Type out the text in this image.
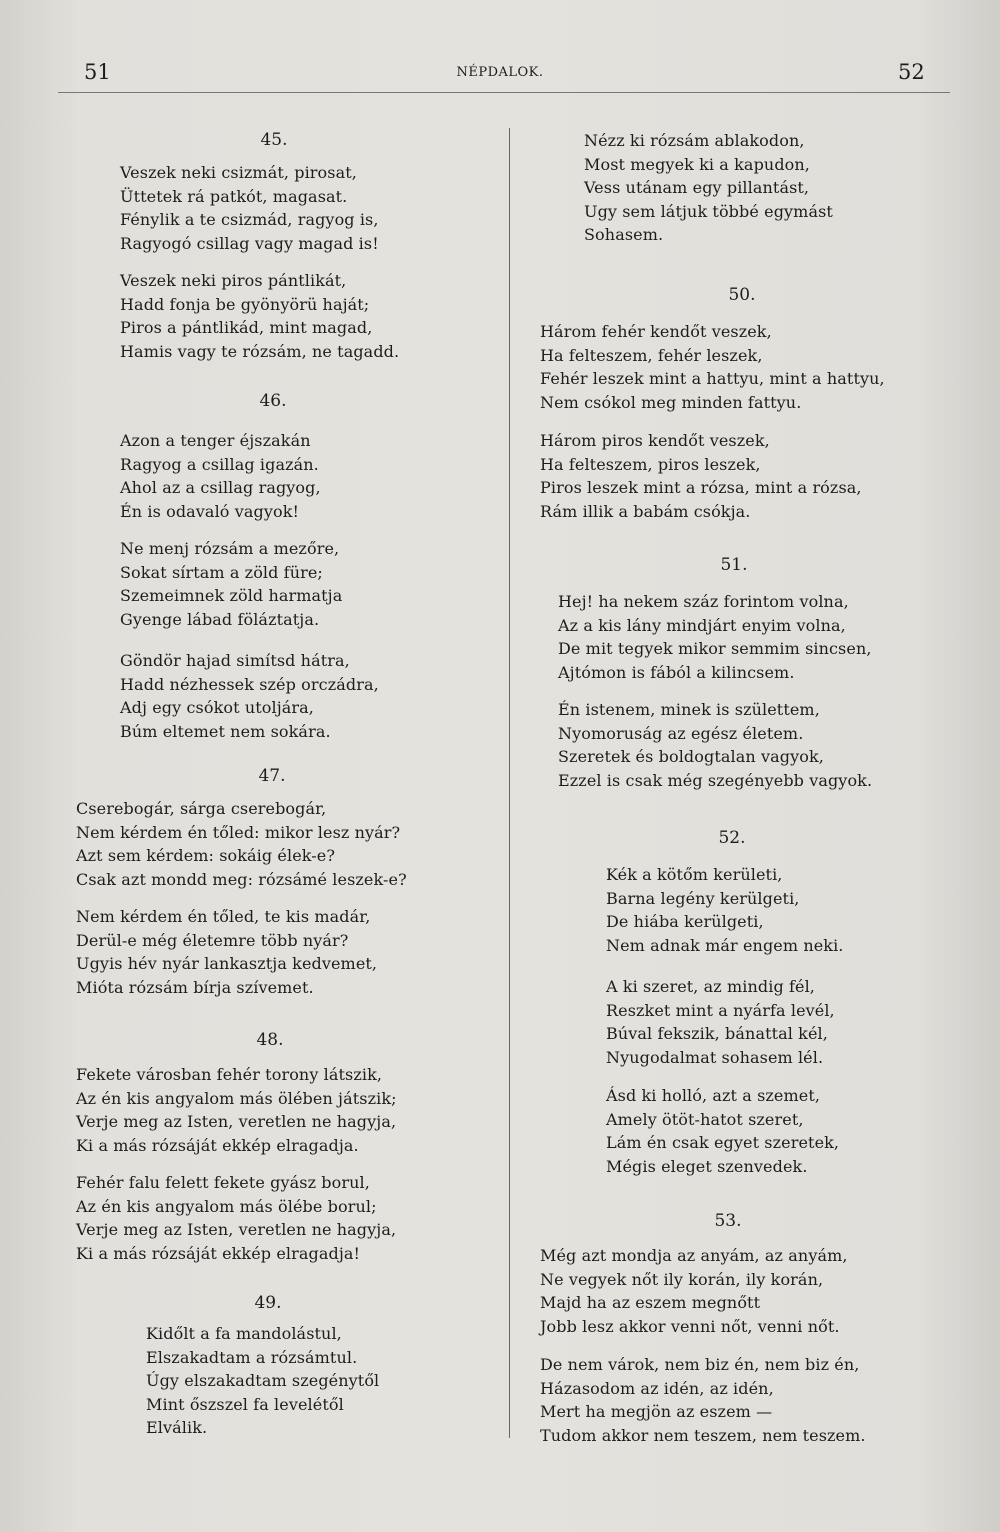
51	NÉPDALOK.	52
45.
Veszek neki csizmát, pirosat,
Üttetek rá patkót, magasat.
Fénylik a te csizmád, ragyog is,
Ragyogó csillag vagy magad is!
Veszek neki piros pántlikát,
Hadd fonja be gyönyörü haját;
Piros a pántlikád, mint magad,
Hamis vagy te rózsám, ne tagadd.
46.
Azon a tenger éjszakán
Ragyog a csillag igazán.
Ahol az a csillag ragyog,
Én is odavaló vagyok!
Ne menj rózsám a mezőre,
Sokat sírtam a zöld füre;
Szemeimnek zöld harmatja
Gyenge lábad föláztatja.
Göndör hajad simítsd hátra,
Hadd nézhessek szép orczádra,
Adj egy csókot utoljára,
Búm eltemet nem sokára.
47.
Cserebogár, sárga cserebogár,
Nem kérdem én tőled: mikor lesz nyár?
Azt sem kérdem: sokáig élek-e?
Csak azt mondd meg: rózsámé leszek-e?
Nem kérdem én tőled, te kis madár,
Derül-e még életemre több nyár?
Ugyis hév nyár lankasztja kedvemet,
Mióta rózsám bírja szívemet.
48.
Fekete városban fehér torony látszik,
Az én kis angyalom más ölében játszik;
Verje meg az Isten, veretlen ne hagyja,
Ki a más rózsáját ekkép elragadja.
Fehér falu felett fekete gyász borul,
Az én kis angyalom más ölébe borul;
Verje meg az Isten, veretlen ne hagyja,
Ki a más rózsáját ekkép elragadja!
49.
Kidőlt a fa mandolástul,
Elszakadtam a rózsámtul.
Úgy elszakadtam szegénytől
Mint őszszel fa levelétől
Elválik.
Nézz ki rózsám ablakodon,
Most megyek ki a kapudon,
Vess utánam egy pillantást,
Ugy sem látjuk többé egymást
Sohasem.
50.
Három fehér kendőt veszek,
Ha felteszem, fehér leszek,
Fehér leszek mint a hattyu, mint a hattyu,
Nem csókol meg minden fattyu.
Három piros kendőt veszek,
Ha felteszem, piros leszek,
Piros leszek mint a rózsa, mint a rózsa,
Rám illik a babám csókja.
51.
Hej! ha nekem száz forintom volna,
Az a kis lány mindjárt enyim volna,
De mit tegyek mikor semmim sincsen,
Ajtómon is fából a kilincsem.
Én istenem, minek is születtem,
Nyomoruság az egész életem.
Szeretek és boldogtalan vagyok,
Ezzel is csak még szegényebb vagyok.
52.
Kék a kötőm kerületi,
Barna legény kerülgeti,
De hiába kerülgeti,
Nem adnak már engem neki.
A ki szeret, az mindig fél,
Reszket mint a nyárfa levél,
Búval fekszik, bánattal kél,
Nyugodalmat sohasem lél.
Ásd ki holló, azt a szemet,
Amely ötöt-hatot szeret,
Lám én csak egyet szeretek,
Mégis eleget szenvedek.
53.
Még azt mondja az anyám, az anyám,
Ne vegyek nőt ily korán, ily korán,
Majd ha az eszem megnőtt
Jobb lesz akkor venni nőt, venni nőt.
De nem várok, nem biz én, nem biz én,
Házasodom az idén, az idén,
Mert ha megjön az eszem —
Tudom akkor nem teszem, nem teszem.
